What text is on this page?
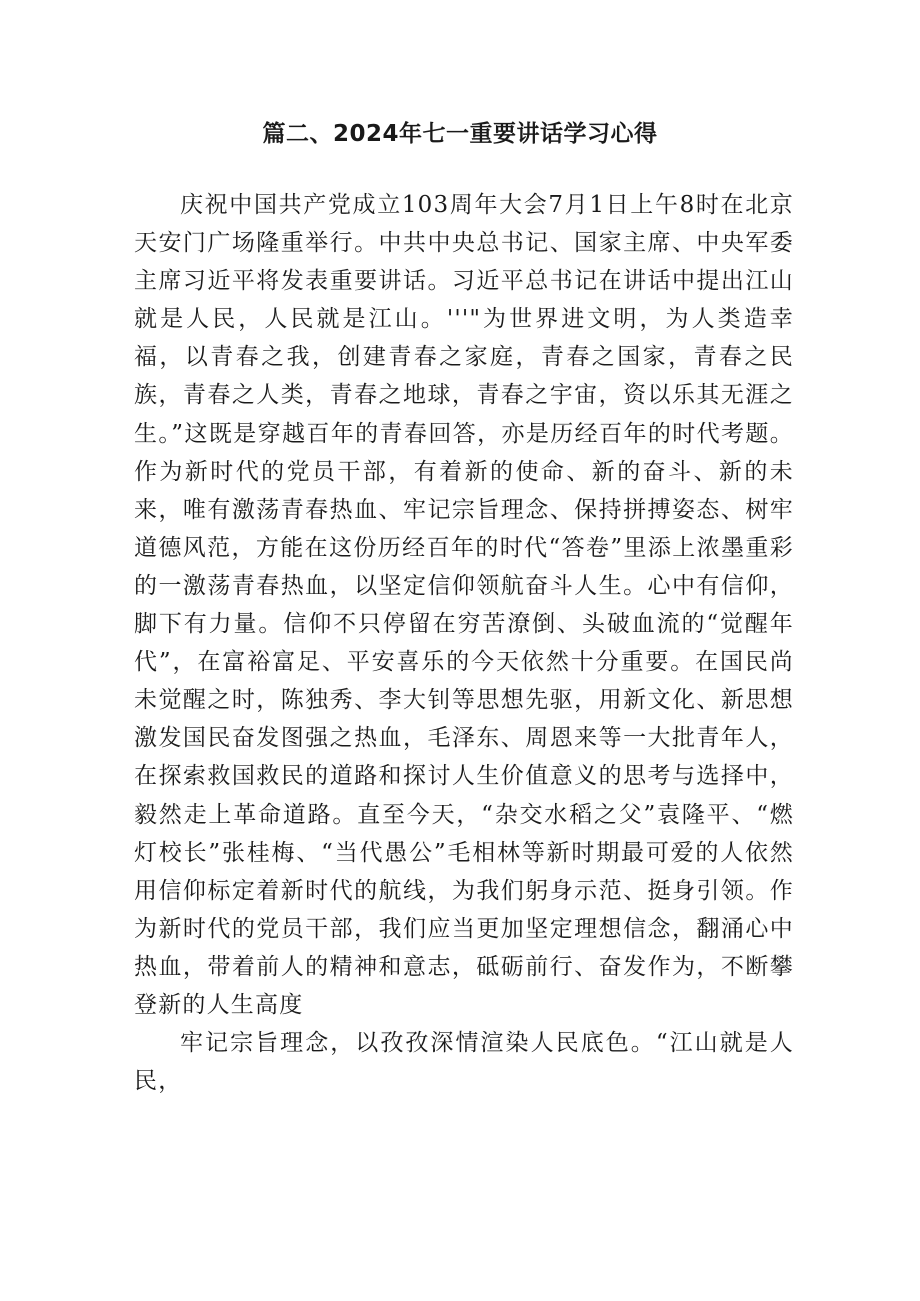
篇二、2024年七一重要讲话学习心得

庆祝中国共产党成立103周年大会7月1日上午8时在北京天安门广场隆重举行。中共中央总书记、国家主席、中央军委主席习近平将发表重要讲话。习近平总书记在讲话中提出江山就是人民，人民就是江山。'''"为世界进文明，为人类造幸福，以青春之我，创建青春之家庭，青春之国家，青春之民族，青春之人类，青春之地球，青春之宇宙，资以乐其无涯之生。”这既是穿越百年的青春回答，亦是历经百年的时代考题。作为新时代的党员干部，有着新的使命、新的奋斗、新的未来，唯有激荡青春热血、牢记宗旨理念、保持拼搏姿态、树牢道德风范，方能在这份历经百年的时代“答卷”里添上浓墨重彩的一激荡青春热血，以坚定信仰领航奋斗人生。心中有信仰，脚下有力量。信仰不只停留在穷苦潦倒、头破血流的“觉醒年代”，在富裕富足、平安喜乐的今天依然十分重要。在国民尚未觉醒之时，陈独秀、李大钊等思想先驱，用新文化、新思想激发国民奋发图强之热血，毛泽东、周恩来等一大批青年人，在探索救国救民的道路和探讨人生价值意义的思考与选择中，毅然走上革命道路。直至今天，“杂交水稻之父”袁隆平、“燃灯校长”张桂梅、“当代愚公”毛相林等新时期最可爱的人依然用信仰标定着新时代的航线，为我们躬身示范、挺身引领。作为新时代的党员干部，我们应当更加坚定理想信念，翻涌心中热血，带着前人的精神和意志，砥砺前行、奋发作为，不断攀登新的人生高度

牢记宗旨理念，以孜孜深情渲染人民底色。“江山就是人民，
